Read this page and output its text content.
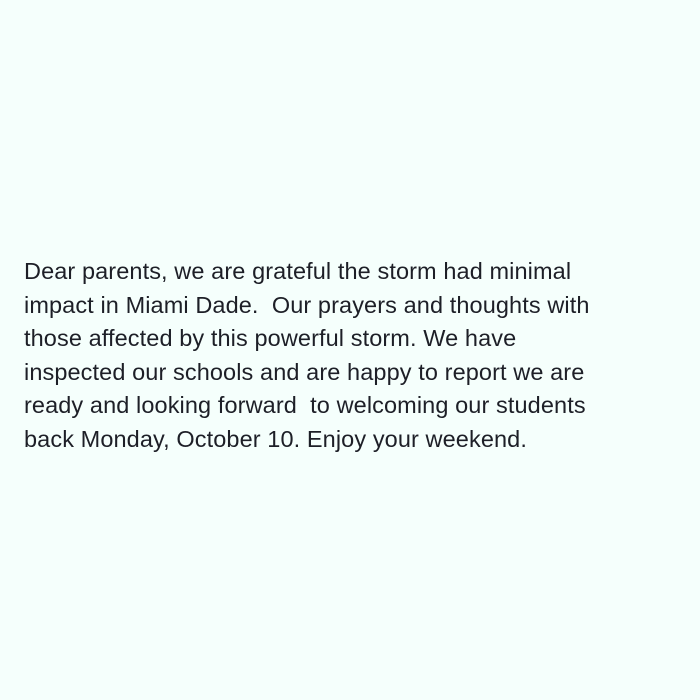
Dear parents, we are grateful the storm had minimal
impact in Miami Dade.  Our prayers and thoughts with
those affected by this powerful storm. We have
inspected our schools and are happy to report we are
ready and looking forward  to welcoming our students
back Monday, October 10. Enjoy your weekend.
